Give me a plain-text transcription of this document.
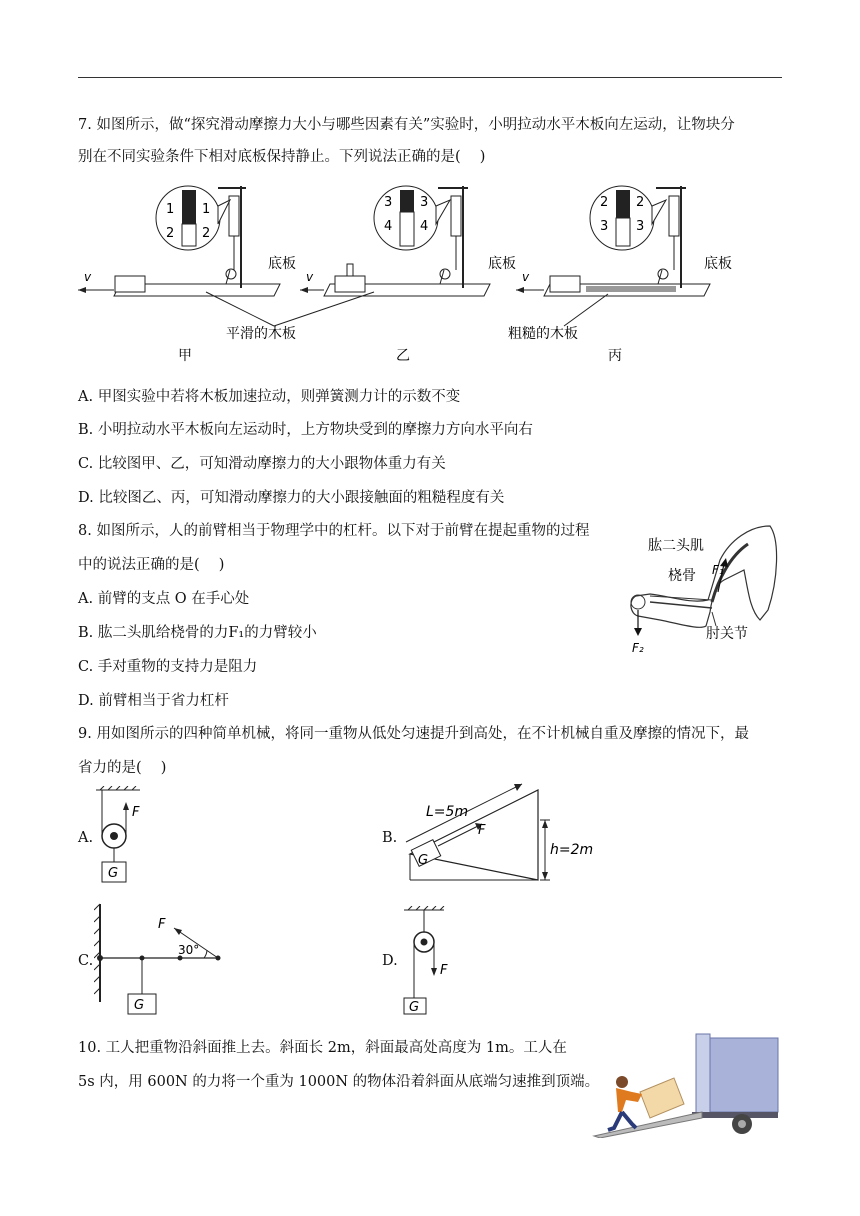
7. 如图所示，做“探究滑动摩擦力大小与哪些因素有关”实验时，小明拉动水平木板向左运动，让物块分
别在不同实验条件下相对底板保持静止。下列说法正确的是(　 )
v
1
2
1
2
底板
甲
v
3
4
3
4
底板
乙
v
2
3
2
3
底板
丙
平滑的木板	粗糙的木板
A. 甲图实验中若将木板加速拉动，则弹簧测力计的示数不变
B. 小明拉动水平木板向左运动时，上方物块受到的摩擦力方向水平向右
C. 比较图甲、乙，可知滑动摩擦力的大小跟物体重力有关
D. 比较图乙、丙，可知滑动摩擦力的大小跟接触面的粗糙程度有关
8. 如图所示，人的前臂相当于物理学中的杠杆。以下对于前臂在提起重物的过程
中的说法正确的是(　 )
A. 前臂的支点 O 在手心处
B. 肱二头肌给桡骨的力F₁的力臂较小
C. 手对重物的支持力是阻力
D. 前臂相当于省力杠杆
肱二头肌
桡骨 F₁
F₂
肘关节
9. 用如图所示的四种简单机械，将同一重物从低处匀速提升到高处，在不计机械自重及摩擦的情况下，最
省力的是(　 )
A.
F
G
B.
L=5m
h=2m
F
G
C.
F
30°
G
D.
F
G
10. 工人把重物沿斜面推上去。斜面长 2m，斜面最高处高度为 1m。工人在
5s 内，用 600N 的力将一个重为 1000N 的物体沿着斜面从底端匀速推到顶端。
